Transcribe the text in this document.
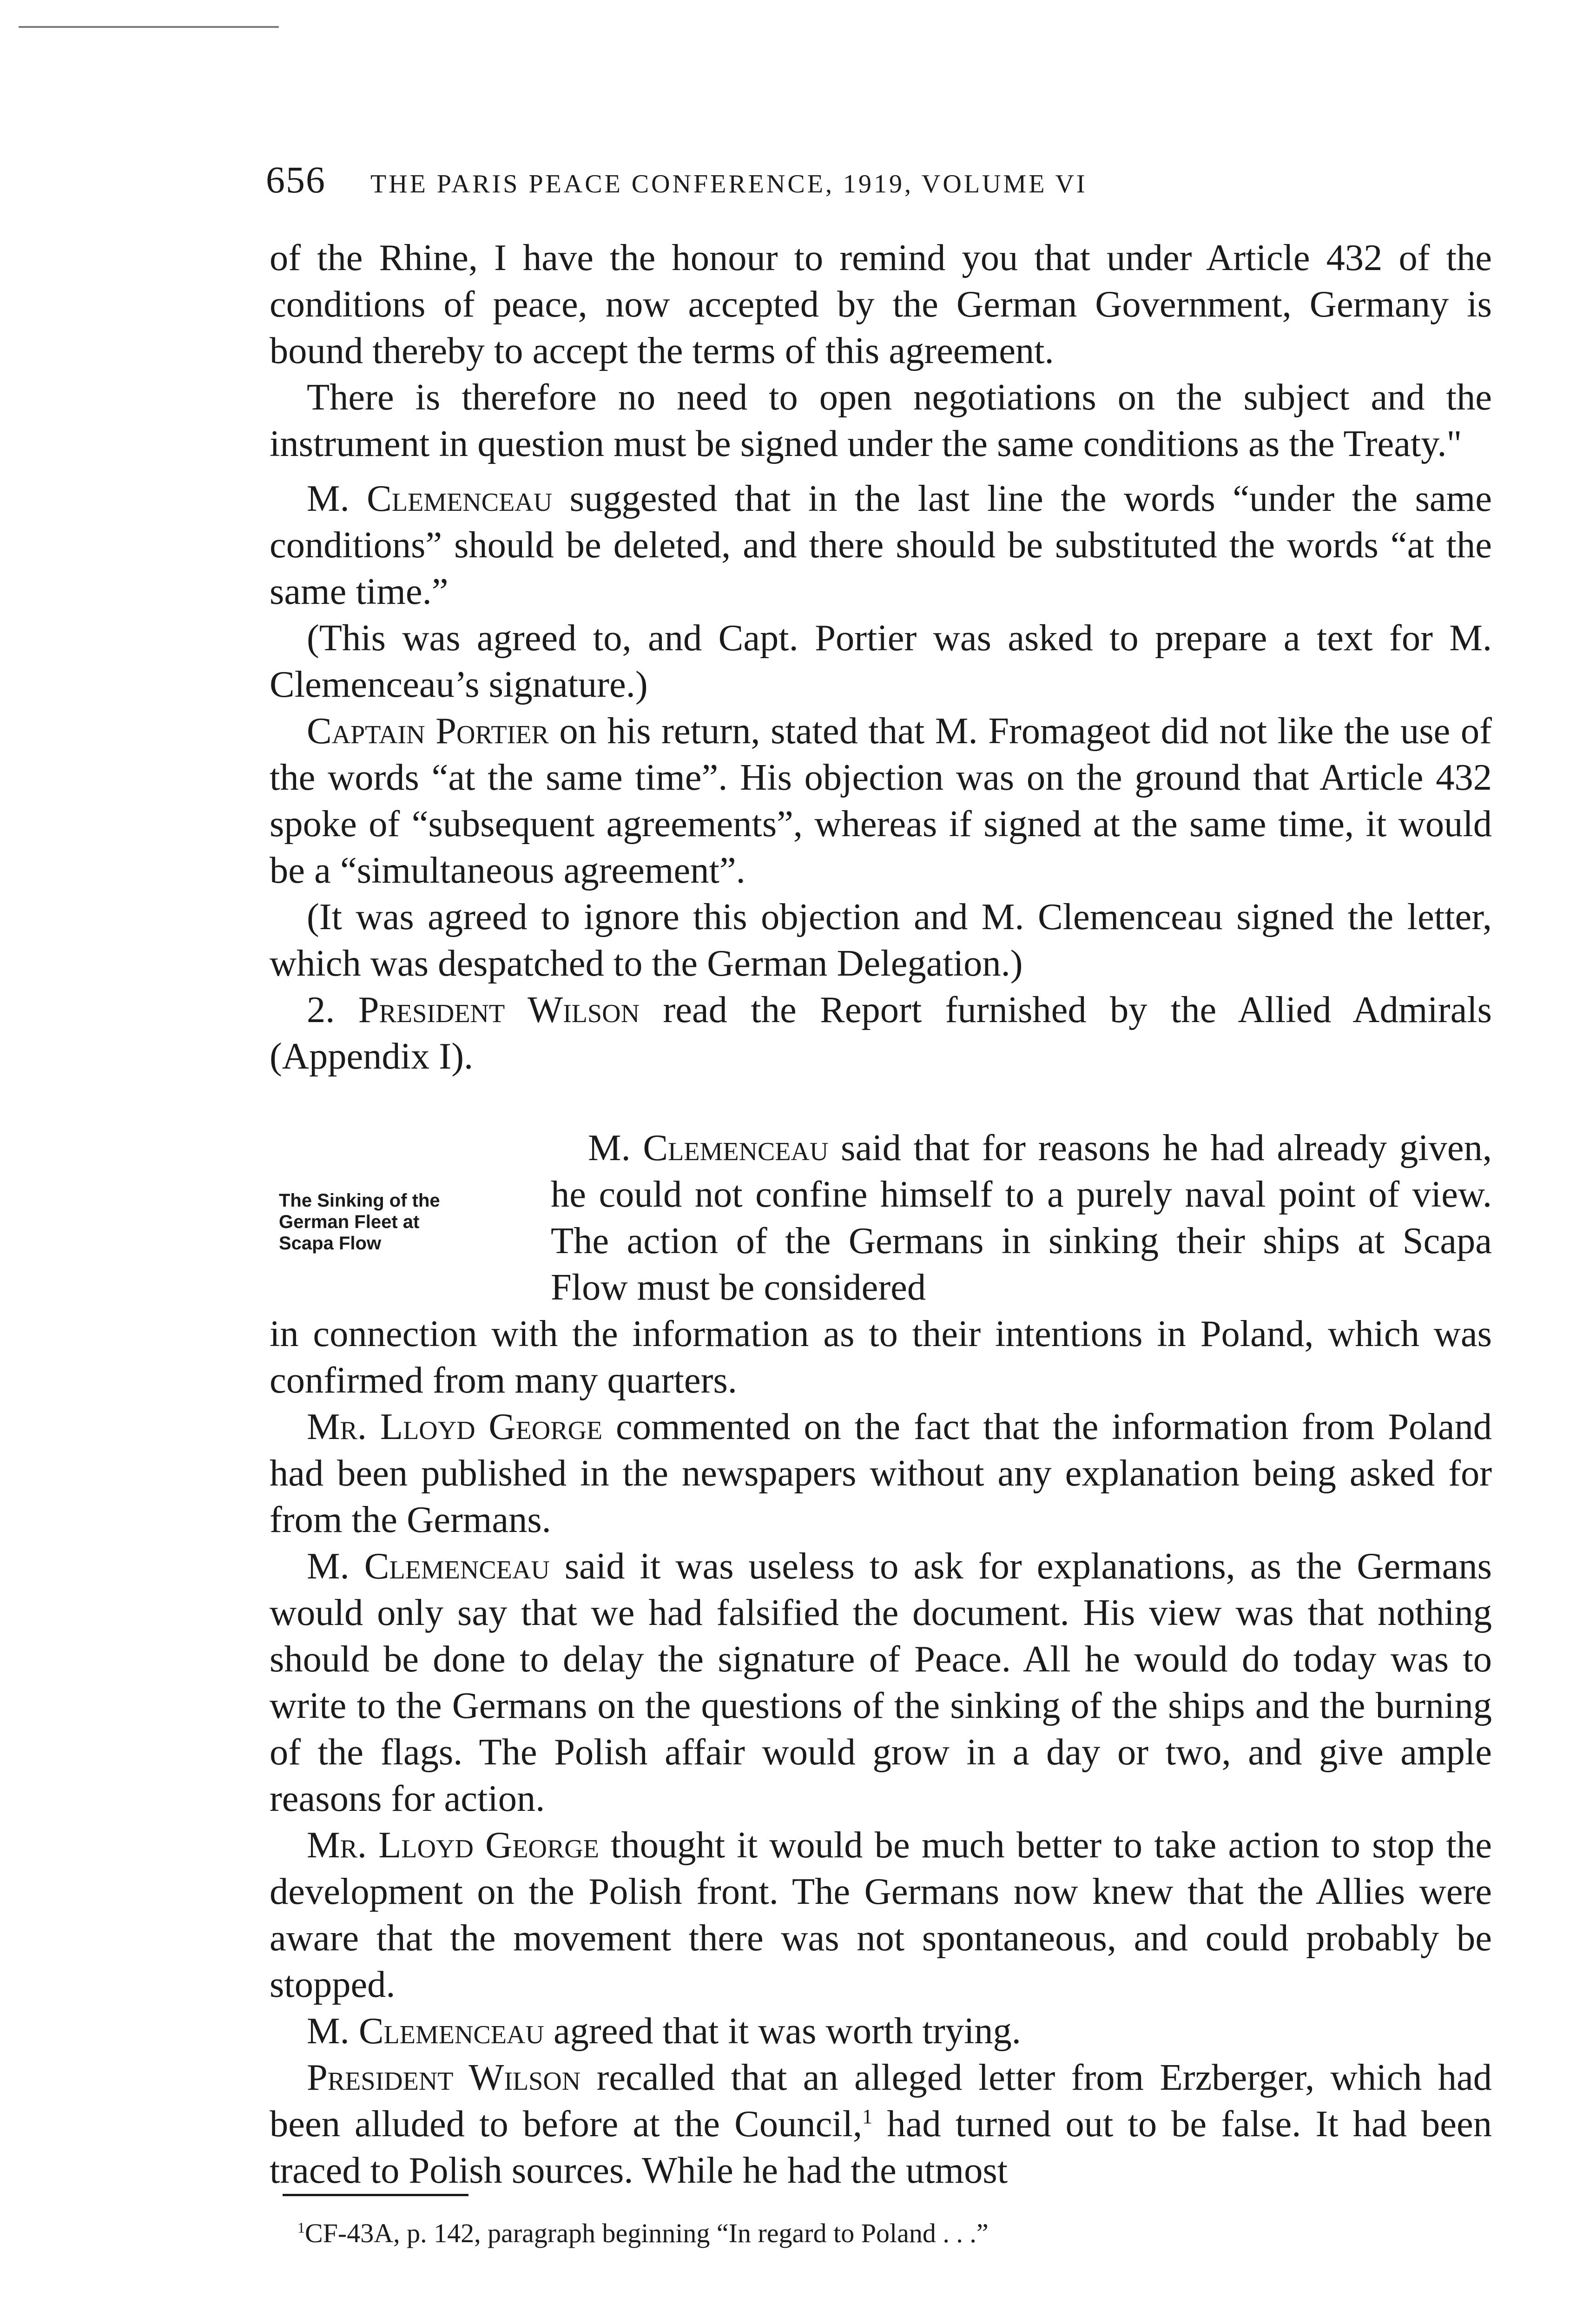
656 THE PARIS PEACE CONFERENCE, 1919, VOLUME VI

of the Rhine, I have the honour to remind you that under Article 432 of the conditions of peace, now accepted by the German Government, Germany is bound thereby to accept the terms of this agreement.

There is therefore no need to open negotiations on the subject and the instrument in question must be signed under the same conditions as the Treaty."

M. Clemenceau suggested that in the last line the words “under the same conditions” should be deleted, and there should be substituted the words “at the same time.”

(This was agreed to, and Capt. Portier was asked to prepare a text for M. Clemenceau’s signature.)

Captain Portier on his return, stated that M. Fromageot did not like the use of the words “at the same time”. His objection was on the ground that Article 432 spoke of “subsequent agreements”, whereas if signed at the same time, it would be a “simultaneous agreement”.

(It was agreed to ignore this objection and M. Clemenceau signed the letter, which was despatched to the German Delegation.)

2. President Wilson read the Report furnished by the Allied Admirals (Appendix I).

The Sinking of the
German Fleet at
Scapa Flow

M. Clemenceau said that for reasons he had already given, he could not confine himself to a purely naval point of view. The action of the Germans in sinking their ships at Scapa Flow must be considered

in connection with the information as to their intentions in Poland, which was confirmed from many quarters.

Mr. Lloyd George commented on the fact that the information from Poland had been published in the newspapers without any explanation being asked for from the Germans.

M. Clemenceau said it was useless to ask for explanations, as the Germans would only say that we had falsified the document. His view was that nothing should be done to delay the signature of Peace. All he would do today was to write to the Germans on the questions of the sinking of the ships and the burning of the flags. The Polish affair would grow in a day or two, and give ample reasons for action.

Mr. Lloyd George thought it would be much better to take action to stop the development on the Polish front. The Germans now knew that the Allies were aware that the movement there was not spontaneous, and could probably be stopped.

M. Clemenceau agreed that it was worth trying.

President Wilson recalled that an alleged letter from Erzberger, which had been alluded to before at the Council,$^1$ had turned out to be false. It had been traced to Polish sources. While he had the utmost

$^1$CF-43A, p. 142, paragraph beginning “In regard to Poland . . .”
